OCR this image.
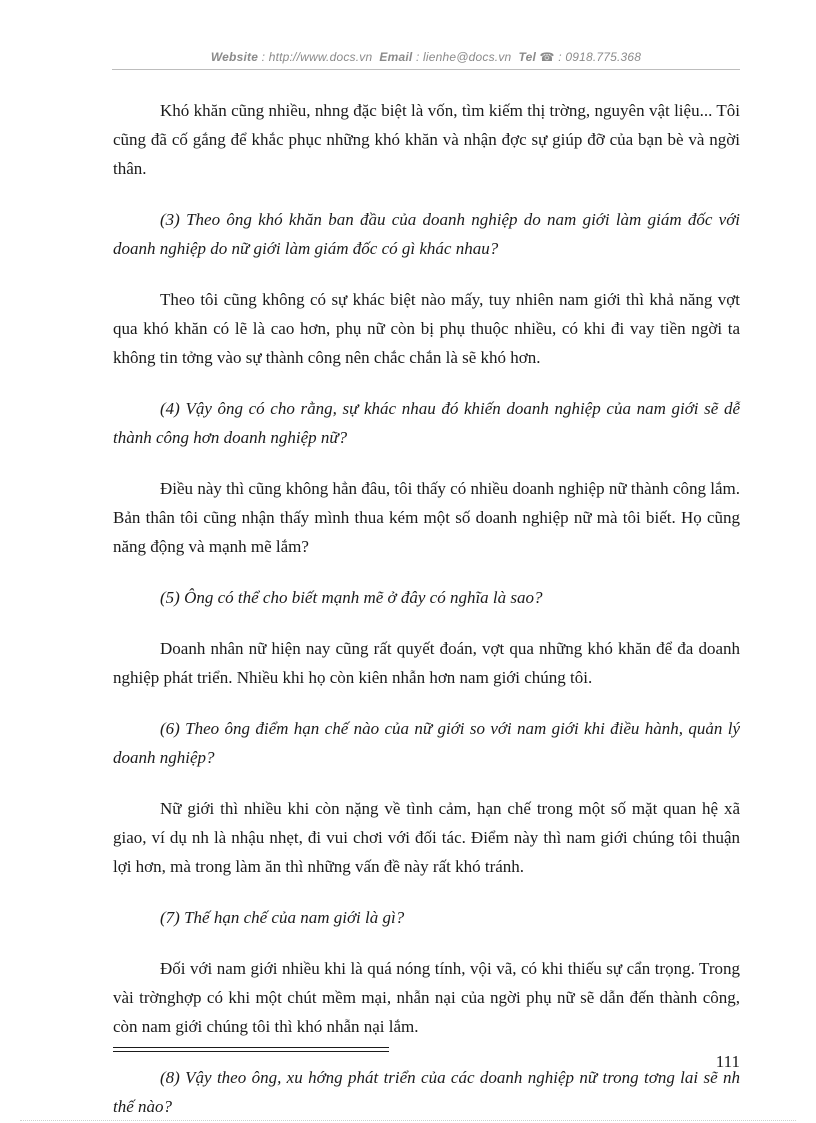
Website : http://www.docs.vn Email : lienhe@docs.vn Tel ☎ : 0918.775.368

Khó khăn cũng nhiều, nhng đặc biệt là vốn, tìm kiếm thị trờng, nguyên vật liệu... Tôi cũng đã cố gắng để khắc phục những khó khăn và nhận đợc sự giúp đỡ của bạn bè và ngời thân.

(3) Theo ông khó khăn ban đầu của doanh nghiệp do nam giới làm giám đốc với doanh nghiệp do nữ giới làm giám đốc có gì khác nhau?

Theo tôi cũng không có sự khác biệt nào mấy, tuy nhiên nam giới thì khả năng vợt qua khó khăn có lẽ là cao hơn, phụ nữ còn bị phụ thuộc nhiều, có khi đi vay tiền ngời ta không tin tởng vào sự thành công nên chắc chắn là sẽ khó hơn.

(4) Vậy ông có cho rằng, sự khác nhau đó khiến doanh nghiệp của nam giới sẽ dễ thành công hơn doanh nghiệp nữ?

Điều này thì cũng không hẳn đâu, tôi thấy có nhiều doanh nghiệp nữ thành công lắm. Bản thân tôi cũng nhận thấy mình thua kém một số doanh nghiệp nữ mà tôi biết. Họ cũng năng động và mạnh mẽ lắm?

(5) Ông có thể cho biết mạnh mẽ ở đây có nghĩa là sao?

Doanh nhân nữ hiện nay cũng rất quyết đoán, vợt qua những khó khăn để đa doanh nghiệp phát triển. Nhiều khi họ còn kiên nhẫn hơn nam giới chúng tôi.

(6) Theo ông điểm hạn chế nào của nữ giới so với nam giới khi điều hành, quản lý doanh nghiệp?

Nữ giới thì nhiều khi còn nặng về tình cảm, hạn chế trong một số mặt quan hệ xã giao, ví dụ nh là nhậu nhẹt, đi vui chơi với đối tác. Điểm này thì nam giới chúng tôi thuận lợi hơn, mà trong làm ăn thì những vấn đề này rất khó tránh.

(7) Thế hạn chế của nam giới là gì?

Đối với nam giới nhiều khi là quá nóng tính, vội vã, có khi thiếu sự cẩn trọng. Trong vài trờnghợp có khi một chút mềm mại, nhẫn nại của ngời phụ nữ sẽ dẫn đến thành công, còn nam giới chúng tôi thì khó nhẫn nại lắm.

(8) Vậy theo ông, xu hớng phát triển của các doanh nghiệp nữ trong tơng lai sẽ nh thế nào?

111
